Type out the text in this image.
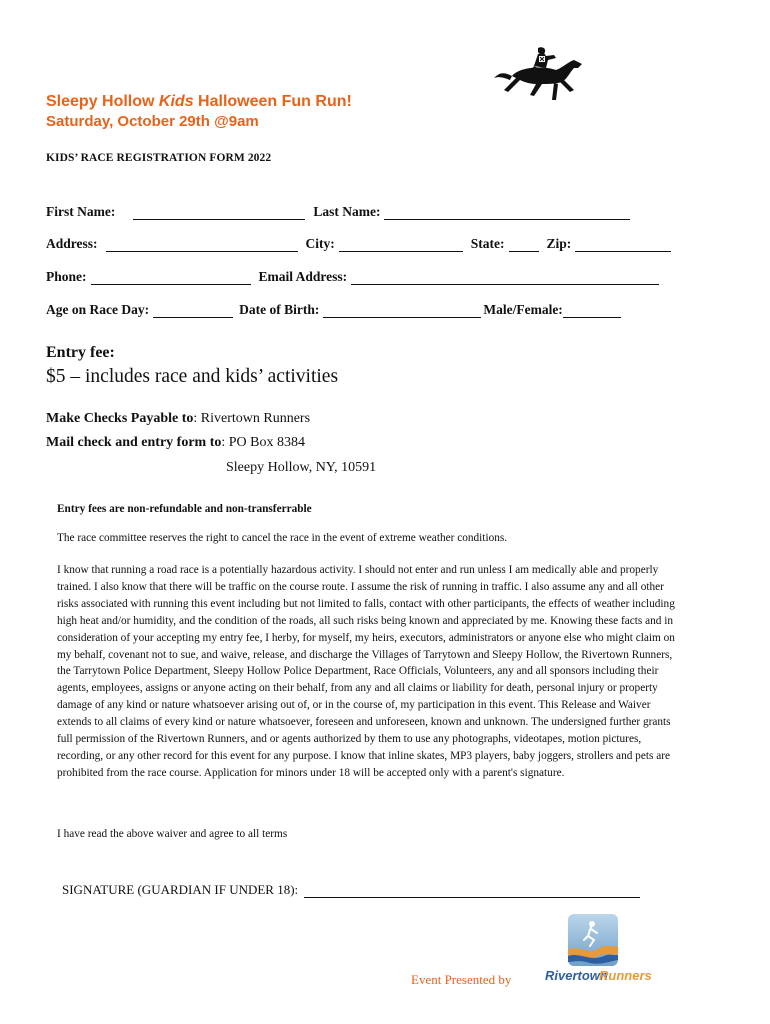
Sleepy Hollow Kids Halloween Fun Run!
Saturday, October 29th @9am
KIDS’ RACE REGISTRATION FORM 2022
First Name:	Last Name:
Address:	City:	State:	Zip:
Phone:	Email Address:
Age on Race Day:	Date of Birth:	Male/Female:
Entry fee:
$5 – includes race and kids’ activities
Make Checks Payable to: Rivertown Runners
Mail check and entry form to: PO Box 8384
Sleepy Hollow, NY, 10591
Entry fees are non-refundable and non-transferrable
The race committee reserves the right to cancel the race in the event of extreme weather conditions.
I know that running a road race is a potentially hazardous activity. I should not enter and run unless I am medically able and properly trained. I also know that there will be traffic on the course route. I assume the risk of running in traffic. I also assume any and all other risks associated with running this event including but not limited to falls, contact with other participants, the effects of weather including high heat and/or humidity, and the condition of the roads, all such risks being known and appreciated by me. Knowing these facts and in consideration of your accepting my entry fee, I herby, for myself, my heirs, executors, administrators or anyone else who might claim on my behalf, covenant not to sue, and waive, release, and discharge the Villages of Tarrytown and Sleepy Hollow, the Rivertown Runners, the Tarrytown Police Department, Sleepy Hollow Police Department, Race Officials, Volunteers, any and all sponsors including their agents, employees, assigns or anyone acting on their behalf, from any and all claims or liability for death, personal injury or property damage of any kind or nature whatsoever arising out of, or in the course of, my participation in this event. This Release and Waiver extends to all claims of every kind or nature whatsoever, foreseen and unforeseen, known and unknown. The undersigned further grants full permission of the Rivertown Runners, and or agents authorized by them to use any photographs, videotapes, motion pictures, recording, or any other record for this event for any purpose. I know that inline skates, MP3 players, baby joggers, strollers and pets are prohibited from the race course. Application for minors under 18 will be accepted only with a parent's signature.
I have read the above waiver and agree to all terms
SIGNATURE (GUARDIAN IF UNDER 18):
Event Presented by	Rivertown
Runners
